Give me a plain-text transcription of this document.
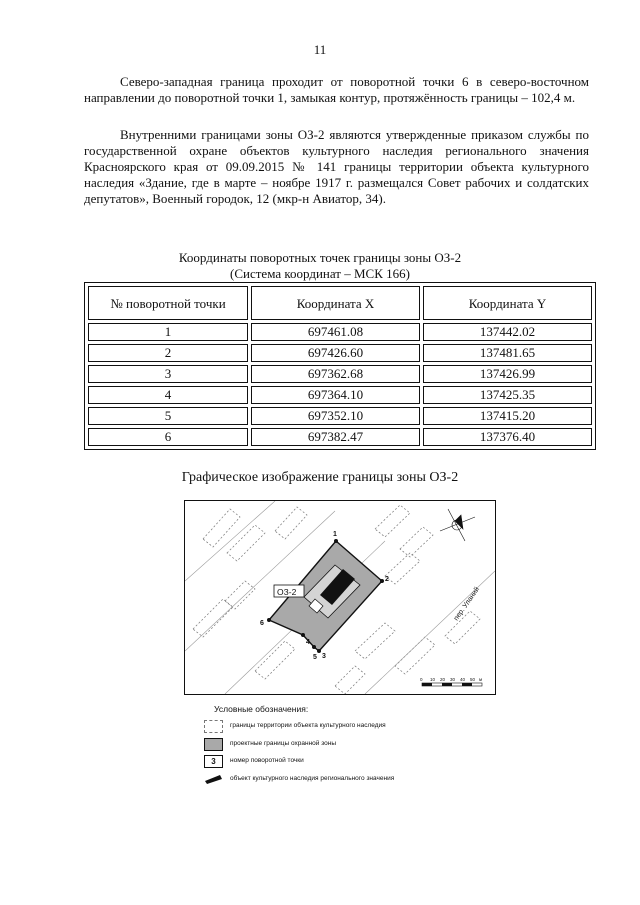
11

Северо-западная граница проходит от поворотной точки 6 в северо-восточном направлении до поворотной точки 1, замыкая контур, протяжённость границы – 102,4 м.

Внутренними границами зоны ОЗ-2 являются утвержденные приказом службы по государственной охране объектов культурного наследия регионального значения Красноярского края от 09.09.2015 № 141 границы территории объекта культурного наследия «Здание, где в марте – ноябре 1917 г. размещался Совет рабочих и солдатских депутатов», Военный городок, 12 (мкр-н Авиатор, 34).

Координаты поворотных точек границы зоны ОЗ-2
(Система координат – МСК 166)
№ поворотной точки	Координата X	Координата Y
1	697461.08	137442.02
2	697426.60	137481.65
3	697362.68	137426.99
4	697364.10	137425.35
5	697352.10	137415.20
6	697382.47	137376.40
Графическое изображение границы зоны ОЗ-2
1
2
3
4
5
6
ОЗ-2	пер. Уланий
0 10 20 30 40 50 м
Условные обозначения:
границы территории объекта культурного наследия
проектные границы охранной зоны
3	номер поворотной точки
объект культурного наследия регионального значения
